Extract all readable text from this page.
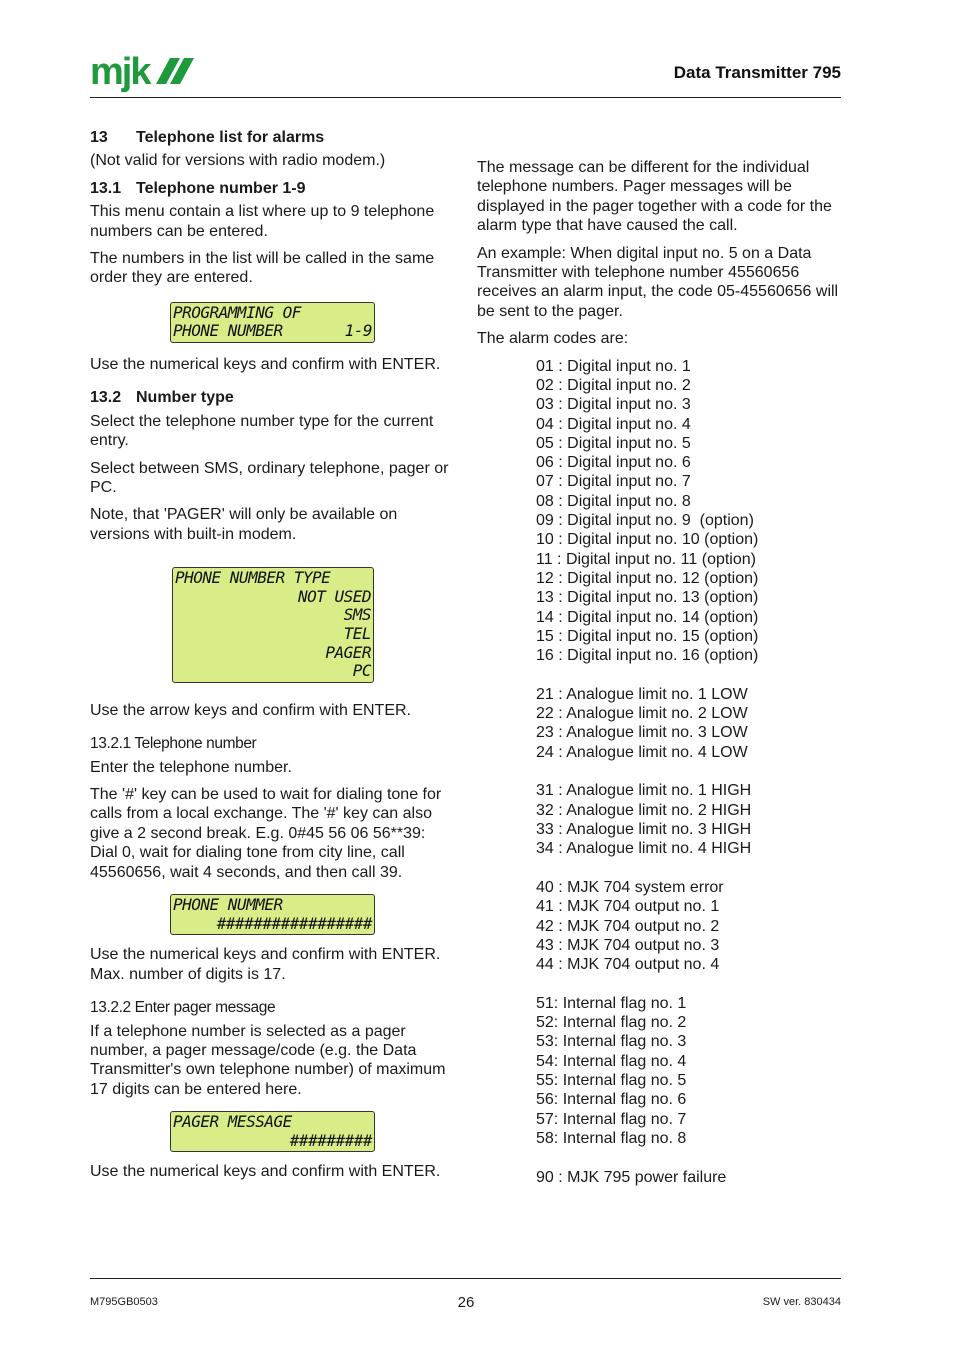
mjk	Data Transmitter 795
13 Telephone list for alarms

(Not valid for versions with radio modem.)

13.1 Telephone number 1-9

This menu contain a list where up to 9 telephone numbers can be entered.

The numbers in the list will be called in the same order they are entered.

PROGRAMMING OF
PHONE NUMBER	1-9

Use the numerical keys and confirm with ENTER.

13.2 Number type

Select the telephone number type for the current entry.

Select between SMS, ordinary telephone, pager or PC.

Note, that 'PAGER' will only be available on versions with built-in modem.

PHONE NUMBER TYPE
NOT USED
SMS
TEL
PAGER
PC

Use the arrow keys and confirm with ENTER.

13.2.1 Telephone number

Enter the telephone number.

The '#' key can be used to wait for dialing tone for calls from a local exchange. The '#' key can also give a 2 second break. E.g. 0#45 56 06 56**39: Dial 0, wait for dialing tone from city line, call 45560656, wait 4 seconds, and then call 39.

PHONE NUMMER
#################

Use the numerical keys and confirm with ENTER. Max. number of digits is 17.

13.2.2 Enter pager message

If a telephone number is selected as a pager number, a pager message/code (e.g. the Data Transmitter's own telephone number) of maximum 17 digits can be entered here.

PAGER MESSAGE
#########

Use the numerical keys and confirm with ENTER.

The message can be different for the individual telephone numbers. Pager messages will be displayed in the pager together with a code for the alarm type that have caused the call.

An example: When digital input no. 5 on a Data Transmitter with telephone number 45560656 receives an alarm input, the code 05-45560656 will be sent to the pager.

The alarm codes are:

01 : Digital input no. 1
02 : Digital input no. 2
03 : Digital input no. 3
04 : Digital input no. 4
05 : Digital input no. 5
06 : Digital input no. 6
07 : Digital input no. 7
08 : Digital input no. 8
09 : Digital input no. 9  (option)
10 : Digital input no. 10 (option)
11 : Digital input no. 11 (option)
12 : Digital input no. 12 (option)
13 : Digital input no. 13 (option)
14 : Digital input no. 14 (option)
15 : Digital input no. 15 (option)
16 : Digital input no. 16 (option)
21 : Analogue limit no. 1 LOW
22 : Analogue limit no. 2 LOW
23 : Analogue limit no. 3 LOW
24 : Analogue limit no. 4 LOW
31 : Analogue limit no. 1 HIGH
32 : Analogue limit no. 2 HIGH
33 : Analogue limit no. 3 HIGH
34 : Analogue limit no. 4 HIGH
40 : MJK 704 system error
41 : MJK 704 output no. 1
42 : MJK 704 output no. 2
43 : MJK 704 output no. 3
44 : MJK 704 output no. 4
51: Internal flag no. 1
52: Internal flag no. 2
53: Internal flag no. 3
54: Internal flag no. 4
55: Internal flag no. 5
56: Internal flag no. 6
57: Internal flag no. 7
58: Internal flag no. 8
90 : MJK 795 power failure
M795GB0503	26	SW ver. 830434
